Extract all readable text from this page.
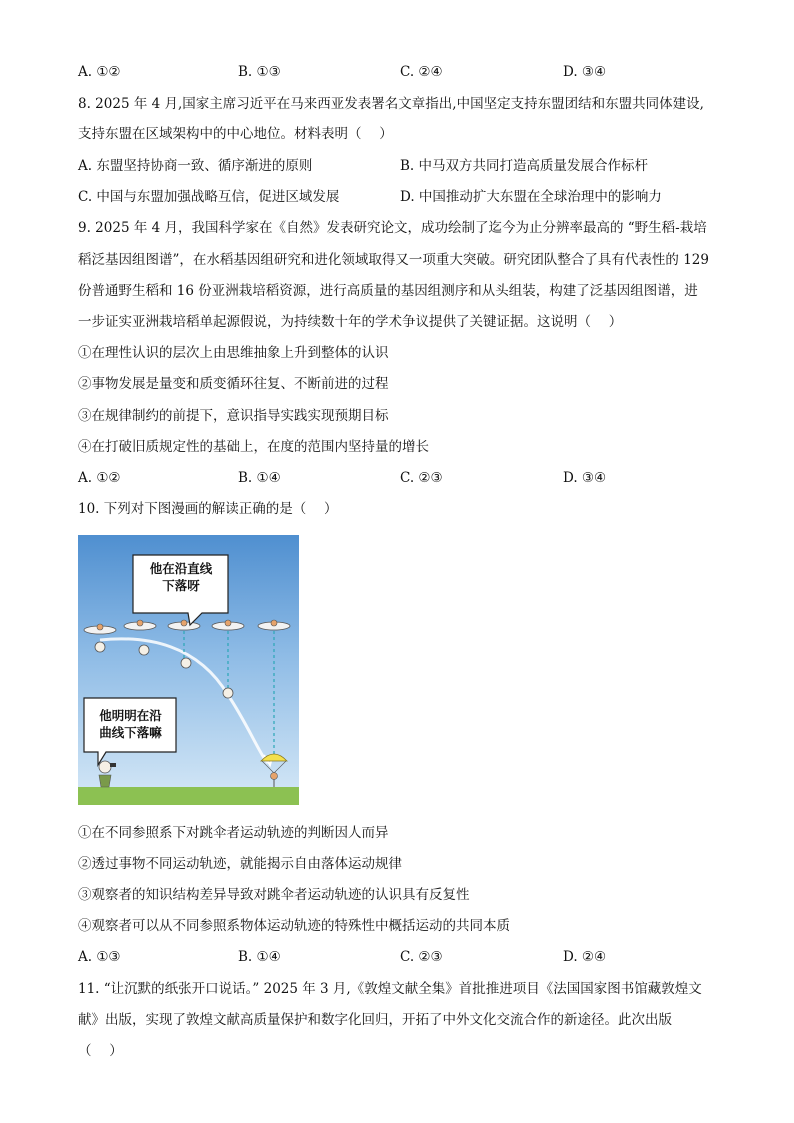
A. ①②	B. ①③	C. ②④	D. ③④
8. 2025 年 4 月,国家主席习近平在马来西亚发表署名文章指出,中国坚定支持东盟团结和东盟共同体建设,
支持东盟在区域架构中的中心地位。材料表明（　 ）
A. 东盟坚持协商一致、循序渐进的原则	B. 中马双方共同打造高质量发展合作标杆
C. 中国与东盟加强战略互信，促进区域发展	D. 中国推动扩大东盟在全球治理中的影响力
9. 2025 年 4 月，我国科学家在《自然》发表研究论文，成功绘制了迄今为止分辨率最高的 “野生稻-栽培
稻泛基因组图谱”，在水稻基因组研究和进化领域取得又一项重大突破。研究团队整合了具有代表性的 129
份普通野生稻和 16 份亚洲栽培稻资源，进行高质量的基因组测序和从头组装，构建了泛基因组图谱，进
一步证实亚洲栽培稻单起源假说，为持续数十年的学术争议提供了关键证据。这说明（　 ）
①在理性认识的层次上由思维抽象上升到整体的认识
②事物发展是量变和质变循环往复、不断前进的过程
③在规律制约的前提下，意识指导实践实现预期目标
④在打破旧质规定性的基础上，在度的范围内坚持量的增长
A. ①②	B. ①④	C. ②③	D. ③④
10. 下列对下图漫画的解读正确的是（　 ）
他在沿直线
下落呀
他明明在沿
曲线下落嘛
①在不同参照系下对跳伞者运动轨迹的判断因人而异
②透过事物不同运动轨迹，就能揭示自由落体运动规律
③观察者的知识结构差异导致对跳伞者运动轨迹的认识具有反复性
④观察者可以从不同参照系物体运动轨迹的特殊性中概括运动的共同本质
A. ①③	B. ①④	C. ②③	D. ②④
11. “让沉默的纸张开口说话。” 2025 年 3 月,《敦煌文献全集》首批推进项目《法国国家图书馆藏敦煌文
献》出版，实现了敦煌文献高质量保护和数字化回归，开拓了中外文化交流合作的新途径。此次出版
（　 ）
